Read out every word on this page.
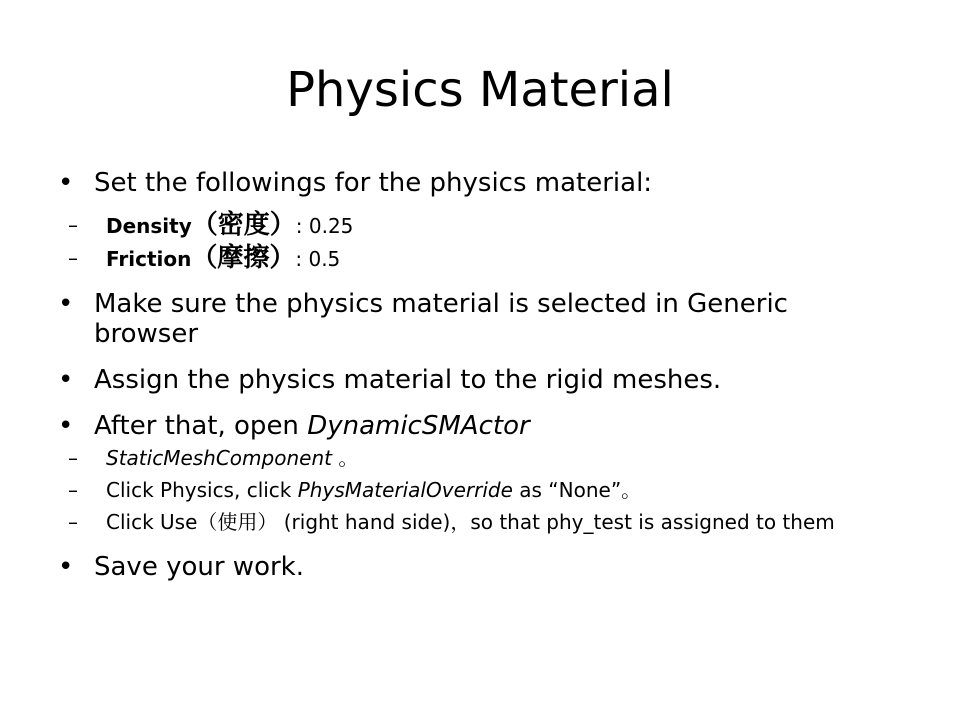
Physics Material
• Set the followings for the physics material:
–	Density（密度）: 0.25
–	Friction（摩擦）: 0.5
• Make sure the physics material is selected in Generic browser
• Assign the physics material to the rigid meshes.
• After that, open DynamicSMActor
–	StaticMeshComponent 。
–	Click Physics, click PhysMaterialOverride as “None”。
–	Click Use（使用） (right hand side)，so that phy_test is assigned to them
• Save your work.
